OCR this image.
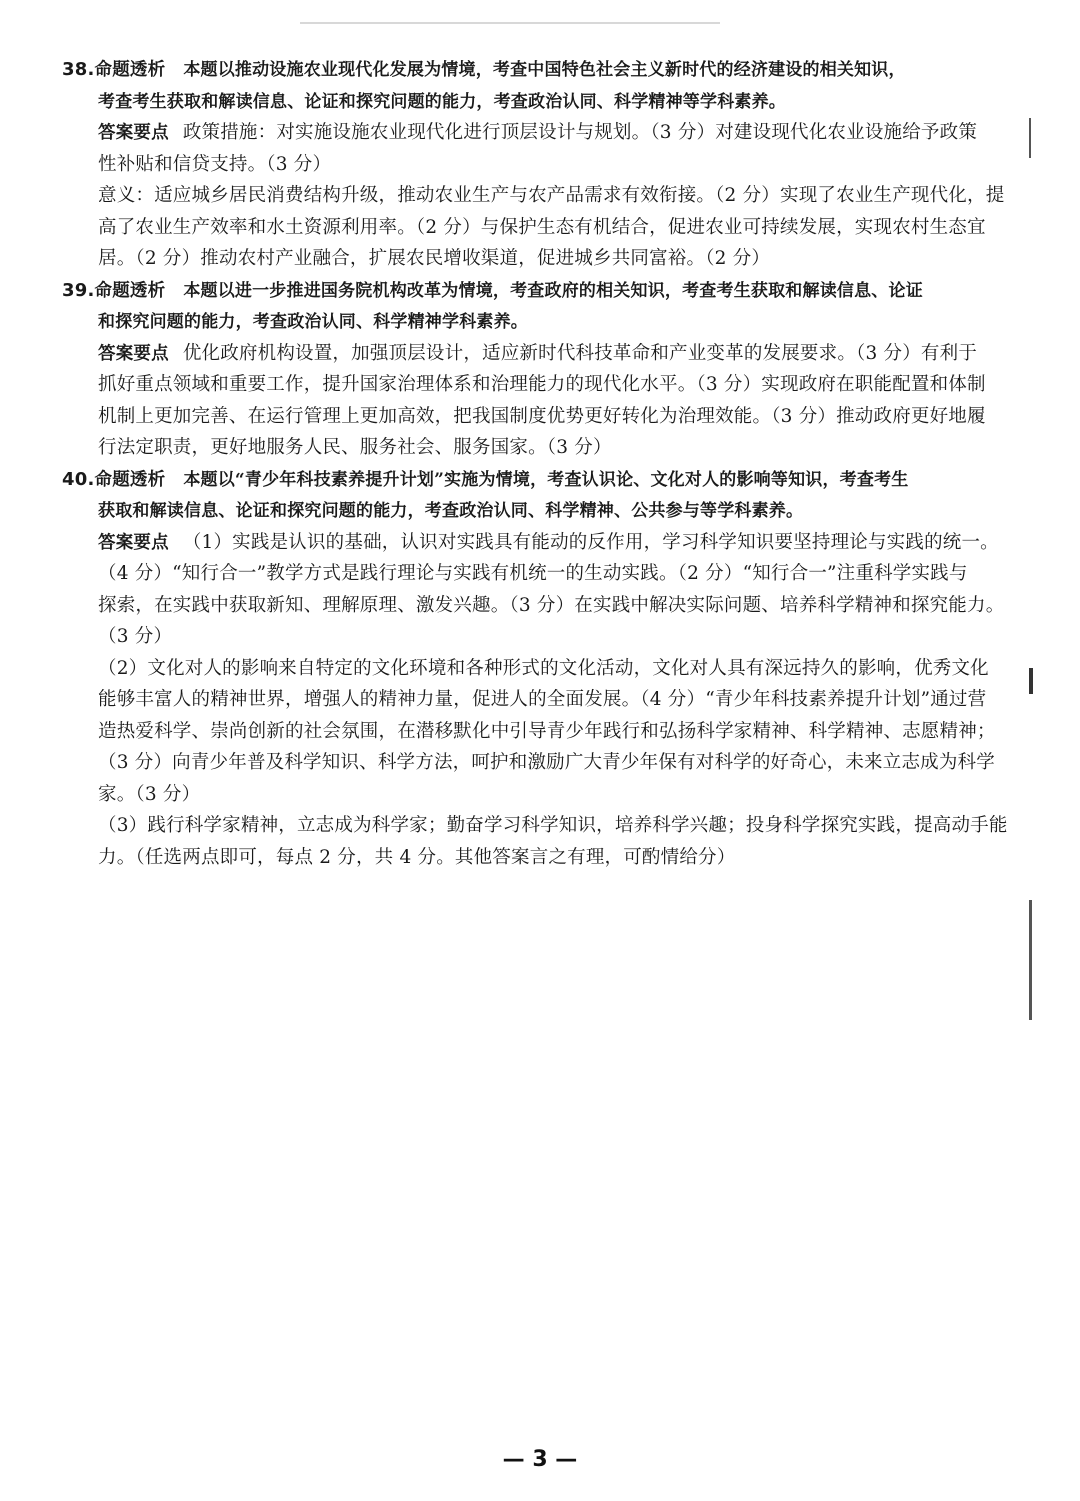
38.命题透析 本题以推动设施农业现代化发展为情境，考查中国特色社会主义新时代的经济建设的相关知识，
考查考生获取和解读信息、论证和探究问题的能力，考查政治认同、科学精神等学科素养。
答案要点 政策措施：对实施设施农业现代化进行顶层设计与规划。（3 分）对建设现代化农业设施给予政策
性补贴和信贷支持。（3 分）
意义：适应城乡居民消费结构升级，推动农业生产与农产品需求有效衔接。（2 分）实现了农业生产现代化，提
高了农业生产效率和水土资源利用率。（2 分）与保护生态有机结合，促进农业可持续发展，实现农村生态宜
居。（2 分）推动农村产业融合，扩展农民增收渠道，促进城乡共同富裕。（2 分）
39.命题透析 本题以进一步推进国务院机构改革为情境，考查政府的相关知识，考查考生获取和解读信息、论证
和探究问题的能力，考查政治认同、科学精神学科素养。
答案要点 优化政府机构设置，加强顶层设计，适应新时代科技革命和产业变革的发展要求。（3 分）有利于
抓好重点领域和重要工作，提升国家治理体系和治理能力的现代化水平。（3 分）实现政府在职能配置和体制
机制上更加完善、在运行管理上更加高效，把我国制度优势更好转化为治理效能。（3 分）推动政府更好地履
行法定职责，更好地服务人民、服务社会、服务国家。（3 分）
40.命题透析 本题以“青少年科技素养提升计划”实施为情境，考查认识论、文化对人的影响等知识，考查考生
获取和解读信息、论证和探究问题的能力，考查政治认同、科学精神、公共参与等学科素养。
答案要点 （1）实践是认识的基础，认识对实践具有能动的反作用，学习科学知识要坚持理论与实践的统一。
（4 分）“知行合一”教学方式是践行理论与实践有机统一的生动实践。（2 分）“知行合一”注重科学实践与
探索，在实践中获取新知、理解原理、激发兴趣。（3 分）在实践中解决实际问题、培养科学精神和探究能力。
（3 分）
（2）文化对人的影响来自特定的文化环境和各种形式的文化活动，文化对人具有深远持久的影响，优秀文化
能够丰富人的精神世界，增强人的精神力量，促进人的全面发展。（4 分）“青少年科技素养提升计划”通过营
造热爱科学、崇尚创新的社会氛围，在潜移默化中引导青少年践行和弘扬科学家精神、科学精神、志愿精神；
（3 分）向青少年普及科学知识、科学方法，呵护和激励广大青少年保有对科学的好奇心，未来立志成为科学
家。（3 分）
（3）践行科学家精神，立志成为科学家；勤奋学习科学知识，培养科学兴趣；投身科学探究实践，提高动手能
力。（任选两点即可，每点 2 分，共 4 分。其他答案言之有理，可酌情给分）
— 3 —
